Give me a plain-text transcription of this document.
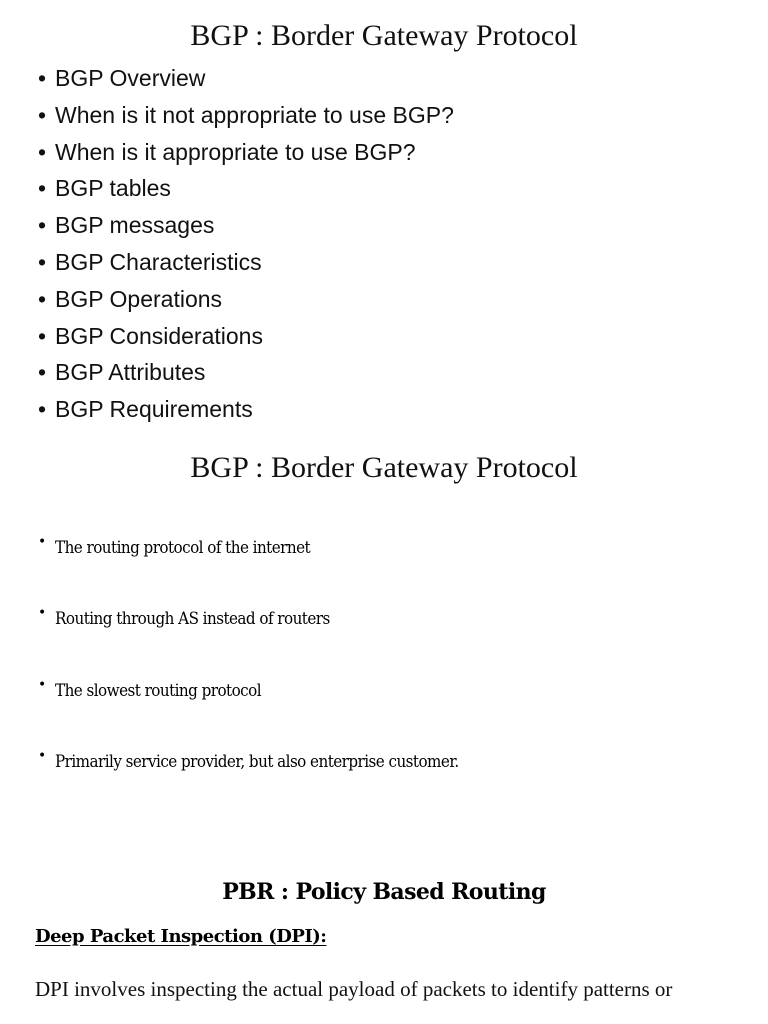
BGP : Border Gateway Protocol
• BGP Overview
• When is it not appropriate to use BGP?
• When is it appropriate to use BGP?
• BGP tables
• BGP messages
• BGP Characteristics
• BGP Operations
• BGP Considerations
• BGP Attributes
• BGP Requirements
BGP : Border Gateway Protocol
• The routing protocol of the internet
• Routing through AS instead of routers
• The slowest routing protocol
• Primarily service provider, but also enterprise customer.
PBR : Policy Based Routing
Deep Packet Inspection (DPI):
DPI involves inspecting the actual payload of packets to identify patterns or
